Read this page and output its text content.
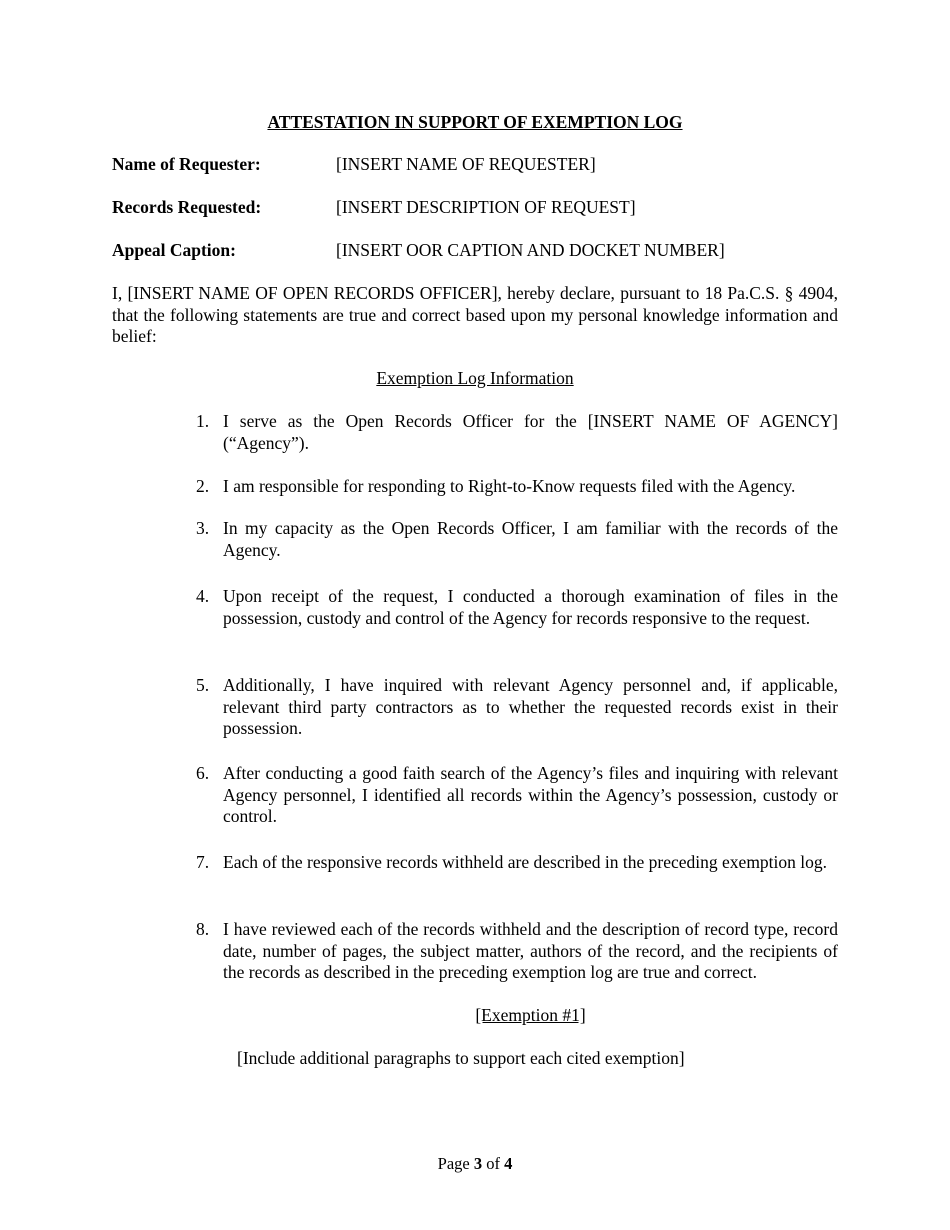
ATTESTATION IN SUPPORT OF EXEMPTION LOG
Name of Requester:	[INSERT NAME OF REQUESTER]
Records Requested:	[INSERT DESCRIPTION OF REQUEST]
Appeal Caption:	[INSERT OOR CAPTION AND DOCKET NUMBER]
I, [INSERT NAME OF OPEN RECORDS OFFICER], hereby declare, pursuant to 18 Pa.C.S. § 4904, that the following statements are true and correct based upon my personal knowledge information and belief:
Exemption Log Information
1. I serve as the Open Records Officer for the [INSERT NAME OF AGENCY] (“Agency”).
2. I am responsible for responding to Right-to-Know requests filed with the Agency.
3. In my capacity as the Open Records Officer, I am familiar with the records of the Agency.
4. Upon receipt of the request, I conducted a thorough examination of files in the possession, custody and control of the Agency for records responsive to the request.
5. Additionally, I have inquired with relevant Agency personnel and, if applicable, relevant third party contractors as to whether the requested records exist in their possession.
6. After conducting a good faith search of the Agency’s files and inquiring with relevant Agency personnel, I identified all records within the Agency’s possession, custody or control.
7. Each of the responsive records withheld are described in the preceding exemption log.
8. I have reviewed each of the records withheld and the description of record type, record date, number of pages, the subject matter, authors of the record, and the recipients of the records as described in the preceding exemption log are true and correct.
[Exemption #1]
[Include additional paragraphs to support each cited exemption]
Page 3 of 4
